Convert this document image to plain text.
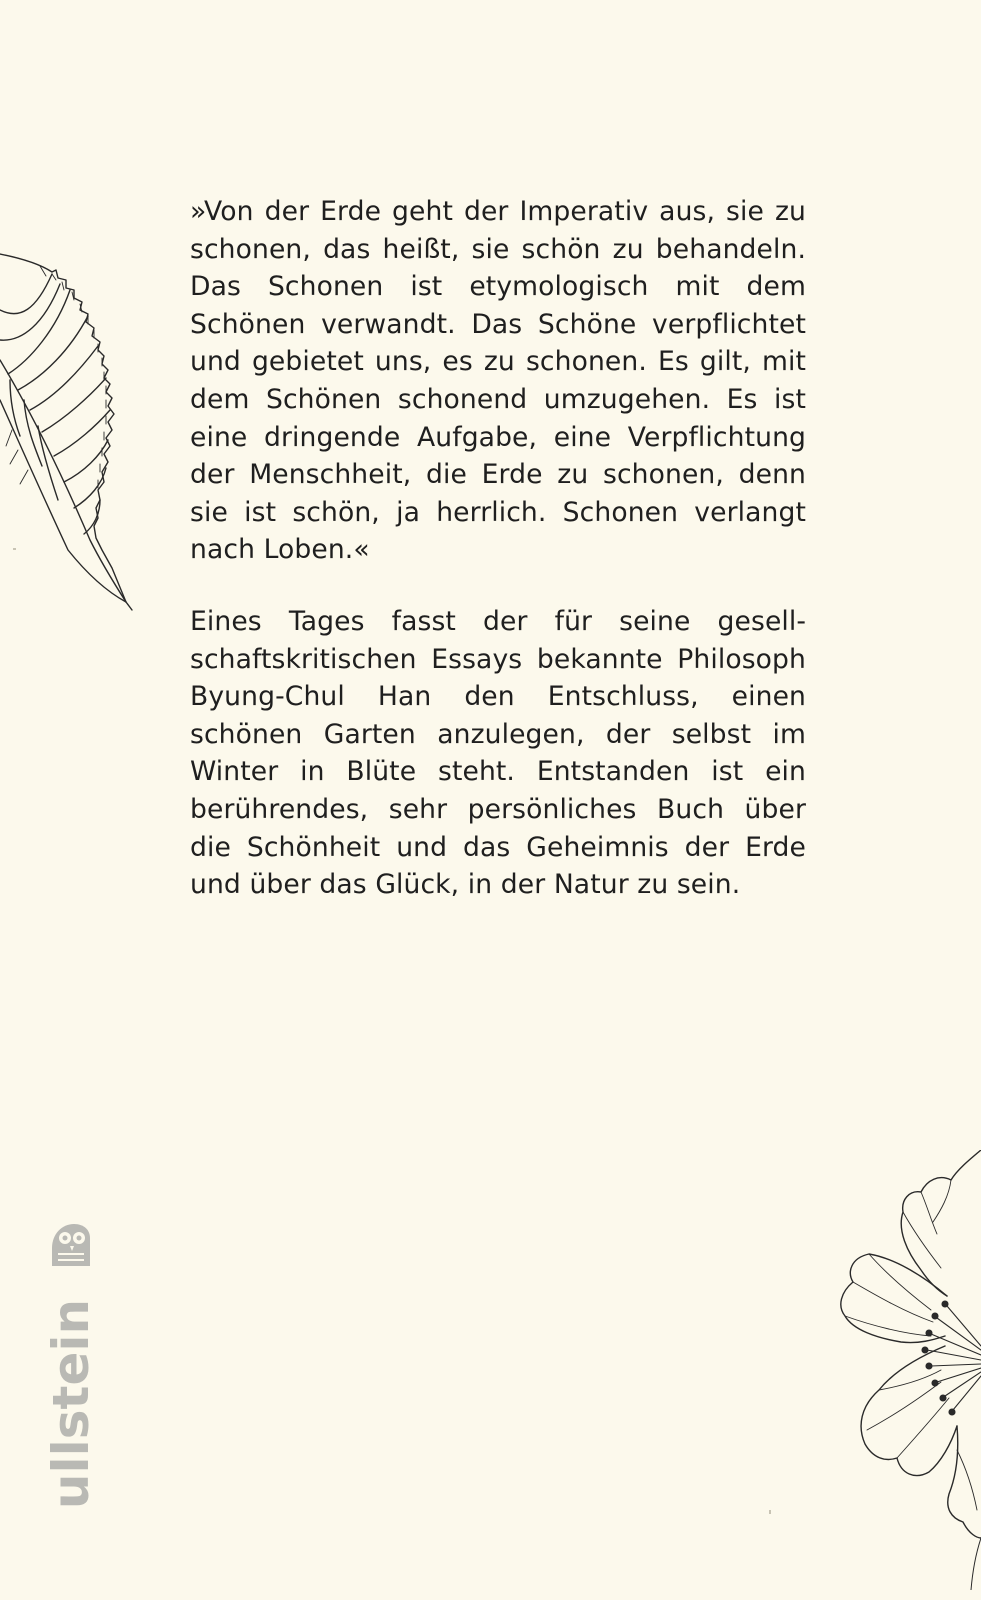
»Von der Erde geht der Imperativ aus, sie zu schonen, das heißt, sie schön zu behandeln. Das Schonen ist etymologisch mit dem Schönen verwandt. Das Schöne verpflichtet und gebietet uns, es zu schonen. Es gilt, mit dem Schönen schonend umzugehen. Es ist eine dringende Aufgabe, eine Verpflichtung der Menschheit, die Erde zu schonen, denn sie ist schön, ja herrlich. Schonen verlangt nach Loben.«

Eines Tages fasst der für seine gesellschaftskritischen Essays bekannte Philosoph Byung-Chul Han den Entschluss, einen schönen Garten anzulegen, der selbst im Winter in Blüte steht. Entstanden ist ein berührendes, sehr persönliches Buch über die Schönheit und das Geheimnis der Erde und über das Glück, in der Natur zu sein.

ullstein
